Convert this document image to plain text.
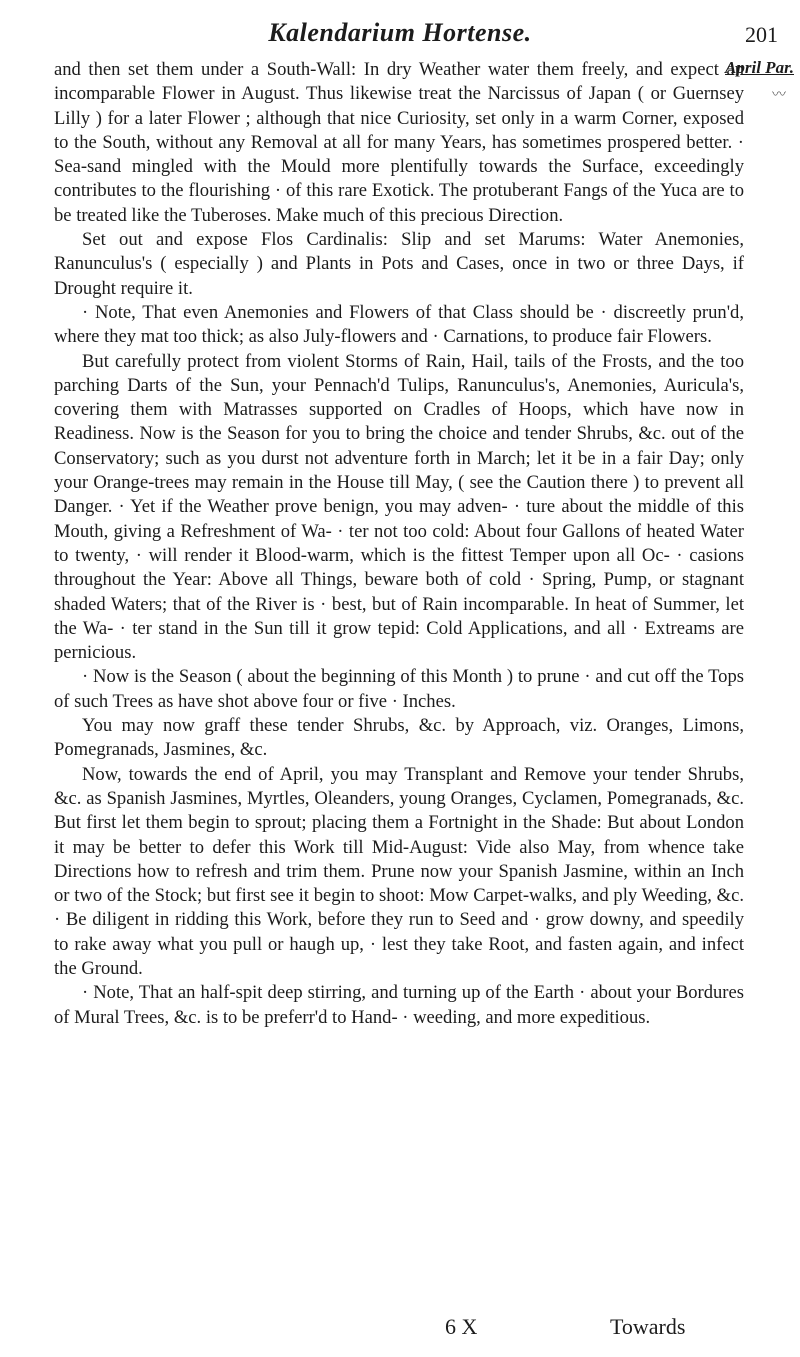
Kalendarium Hortense.	201
April Par.
〰

and then set them under a South-Wall: In dry Weather water them freely, and expect an incomparable Flower in August. Thus likewise treat the Narcissus of Japan ( or Guernsey Lilly ) for a later Flower ; although that nice Curiosity, set only in a warm Corner, exposed to the South, without any Removal at all for many Years, has sometimes prospered better. · Sea-sand mingled with the Mould more plentifully towards the Surface, exceedingly contributes to the flourishing · of this rare Exotick. The protuberant Fangs of the Yuca are to be treated like the Tuberoses. Make much of this precious Direction.

Set out and expose Flos Cardinalis: Slip and set Marums: Water Anemonies, Ranunculus's ( especially ) and Plants in Pots and Cases, once in two or three Days, if Drought require it.

· Note, That even Anemonies and Flowers of that Class should be · discreetly prun'd, where they mat too thick; as also July-flowers and · Carnations, to produce fair Flowers.

But carefully protect from violent Storms of Rain, Hail, tails of the Frosts, and the too parching Darts of the Sun, your Pennach'd Tulips, Ranunculus's, Anemonies, Auricula's, covering them with Matrasses supported on Cradles of Hoops, which have now in Readiness. Now is the Season for you to bring the choice and tender Shrubs, &c. out of the Conservatory; such as you durst not adventure forth in March; let it be in a fair Day; only your Orange-trees may remain in the House till May, ( see the Caution there ) to prevent all Danger. · Yet if the Weather prove benign, you may adven- · ture about the middle of this Mouth, giving a Refreshment of Wa- · ter not too cold: About four Gallons of heated Water to twenty, · will render it Blood-warm, which is the fittest Temper upon all Oc- · casions throughout the Year: Above all Things, beware both of cold · Spring, Pump, or stagnant shaded Waters; that of the River is · best, but of Rain incomparable. In heat of Summer, let the Wa- · ter stand in the Sun till it grow tepid: Cold Applications, and all · Extreams are pernicious.

· Now is the Season ( about the beginning of this Month ) to prune · and cut off the Tops of such Trees as have shot above four or five · Inches.

You may now graff these tender Shrubs, &c. by Approach, viz. Oranges, Limons, Pomegranads, Jasmines, &c.

Now, towards the end of April, you may Transplant and Remove your tender Shrubs, &c. as Spanish Jasmines, Myrtles, Oleanders, young Oranges, Cyclamen, Pomegranads, &c. But first let them begin to sprout; placing them a Fortnight in the Shade: But about London it may be better to defer this Work till Mid-August: Vide also May, from whence take Directions how to refresh and trim them. Prune now your Spanish Jasmine, within an Inch or two of the Stock; but first see it begin to shoot: Mow Carpet-walks, and ply Weeding, &c. · Be diligent in ridding this Work, before they run to Seed and · grow downy, and speedily to rake away what you pull or haugh up, · lest they take Root, and fasten again, and infect the Ground.

· Note, That an half-spit deep stirring, and turning up of the Earth · about your Bordures of Mural Trees, &c. is to be preferr'd to Hand- · weeding, and more expeditious.

6 X	Towards
